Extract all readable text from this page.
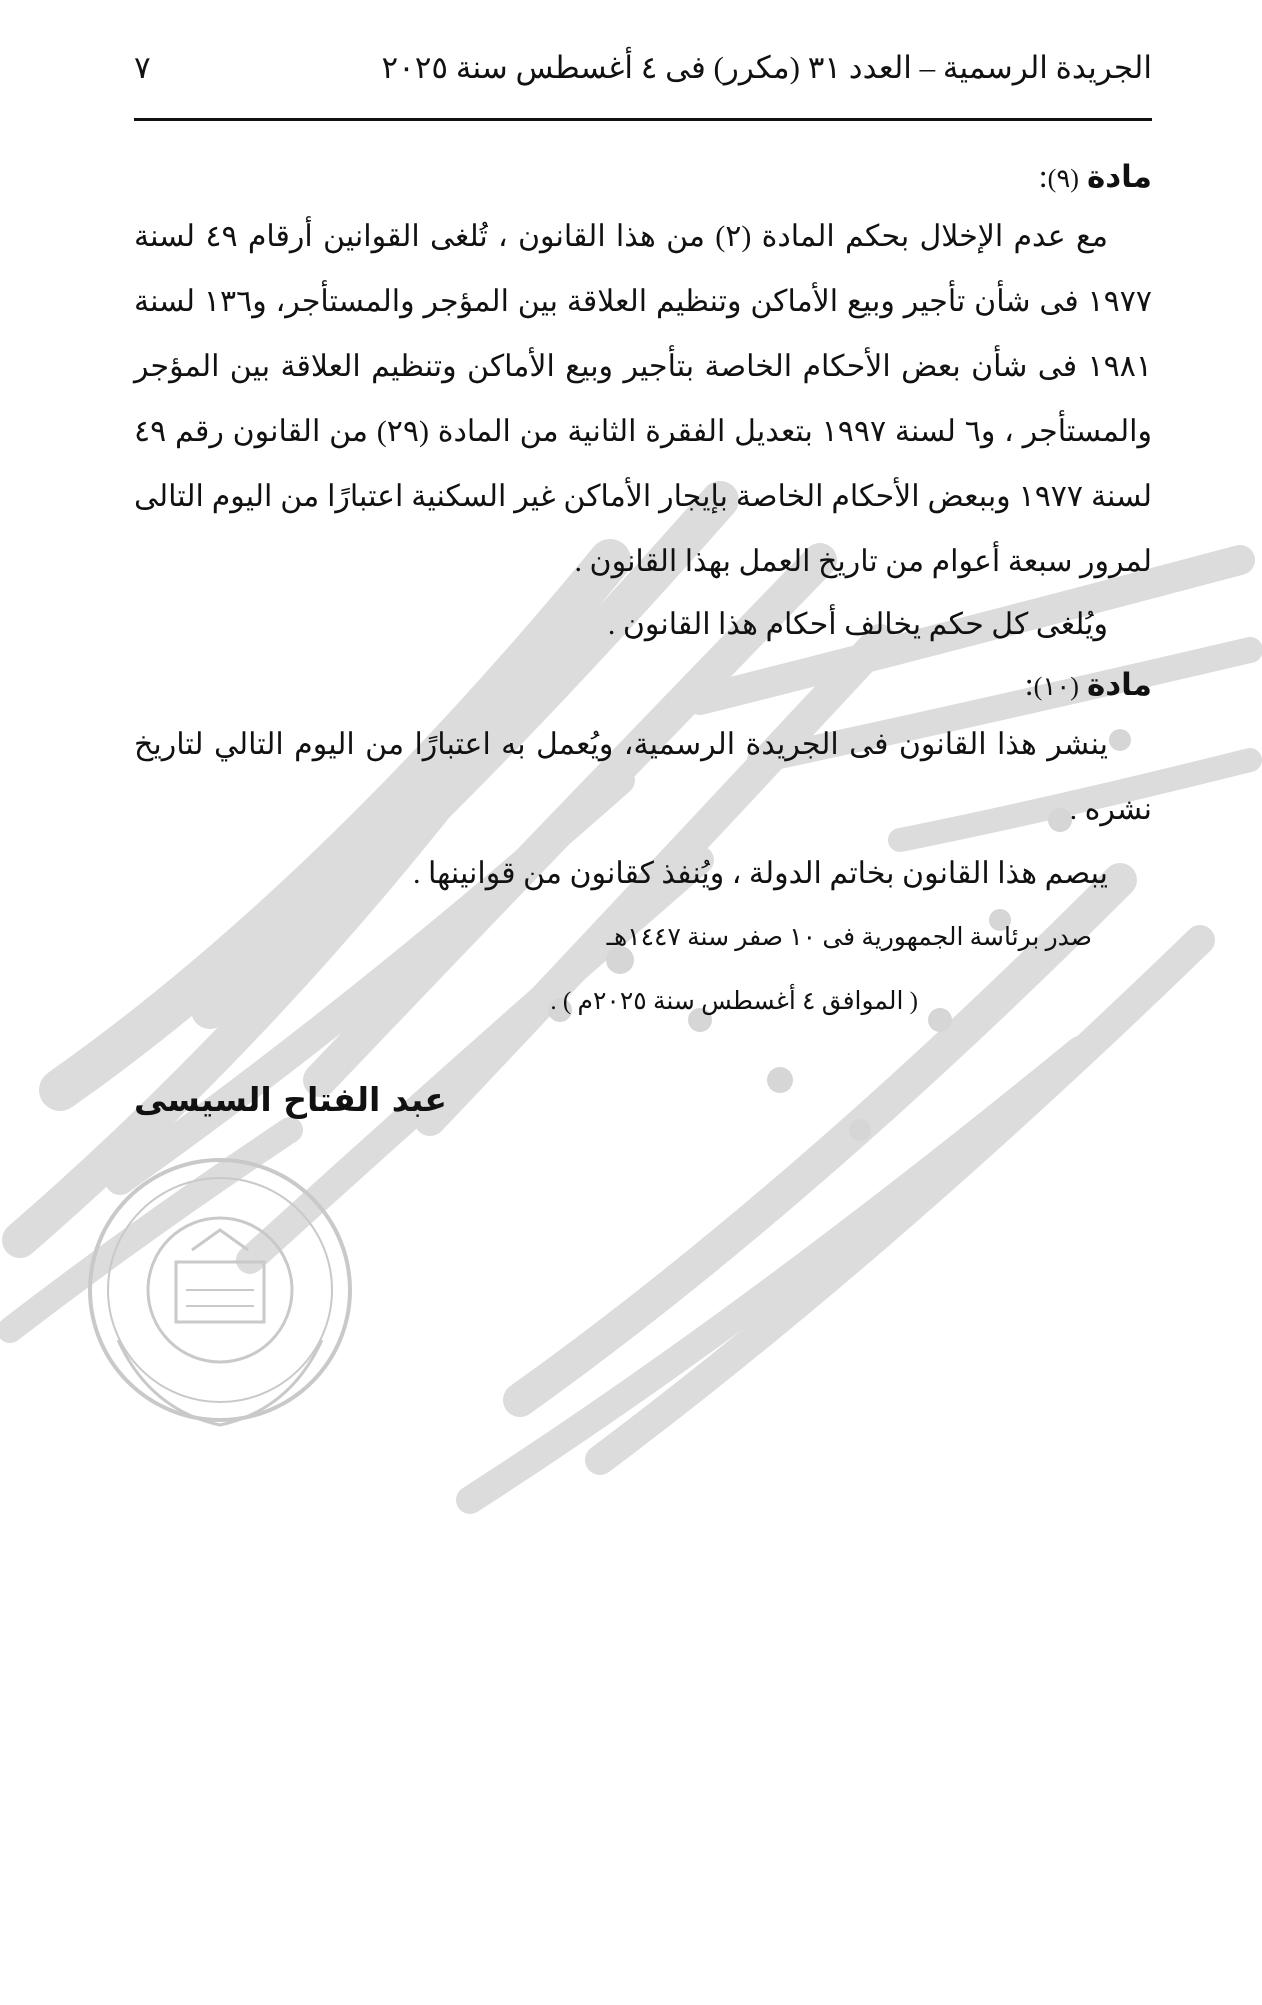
الجريدة الرسمية – العدد ٣١ (مكرر) فى ٤ أغسطس سنة ٢٠٢٥
٧
مادة (٩):
مع عدم الإخلال بحكم المادة (٢) من هذا القانون ، تُلغى القوانين أرقام ٤٩ لسنة ١٩٧٧ فى شأن تأجير وبيع الأماكن وتنظيم العلاقة بين المؤجر والمستأجر، و١٣٦ لسنة ١٩٨١ فى شأن بعض الأحكام الخاصة بتأجير وبيع الأماكن وتنظيم العلاقة بين المؤجر والمستأجر ، و٦ لسنة ١٩٩٧ بتعديل الفقرة الثانية من المادة (٢٩) من القانون رقم ٤٩ لسنة ١٩٧٧ وببعض الأحكام الخاصة بإيجار الأماكن غير السكنية اعتبارًا من اليوم التالى لمرور سبعة أعوام من تاريخ العمل بهذا القانون .
ويُلغى كل حكم يخالف أحكام هذا القانون .
مادة (١٠):
ينشر هذا القانون فى الجريدة الرسمية، ويُعمل به اعتبارًا من اليوم التالي لتاريخ نشره .
يبصم هذا القانون بخاتم الدولة ، ويُنفذ كقانون من قوانينها .
صدر برئاسة الجمهورية فى ١٠ صفر سنة ١٤٤٧هـ
( الموافق ٤ أغسطس سنة ٢٠٢٥م ) .
عبد الفتاح السيسى
